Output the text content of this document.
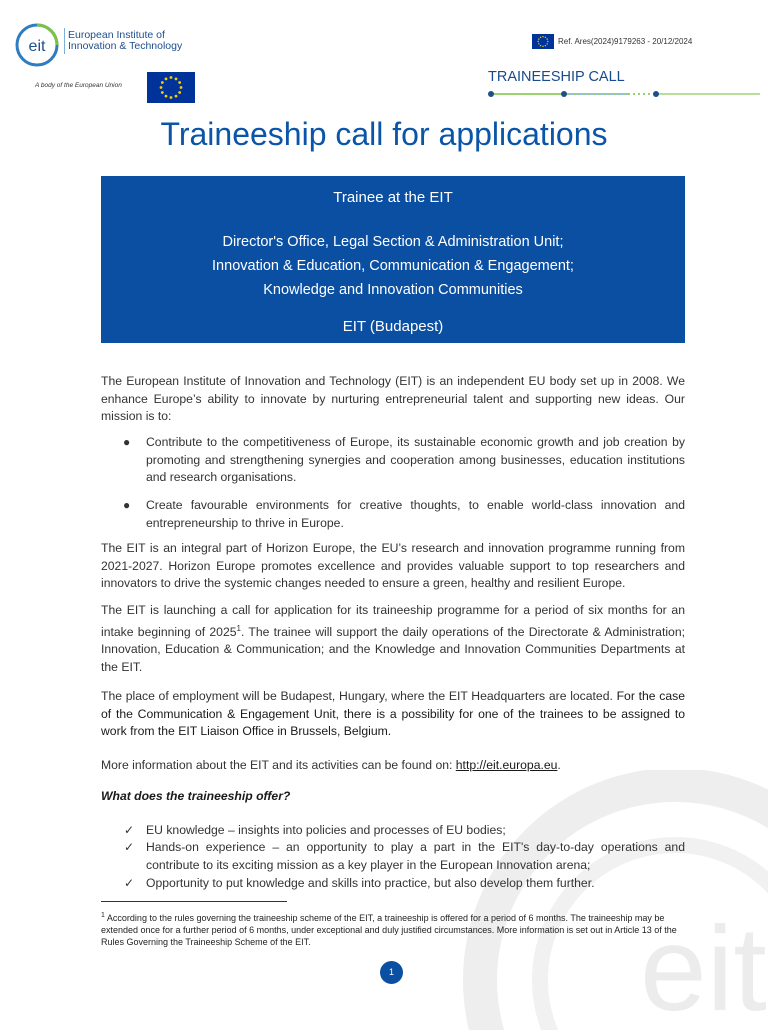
eit
European Institute of
Innovation & Technology
A body of the European Union
Ref. Ares(2024)9179263 - 20/12/2024
TRAINEESHIP CALL
Traineeship call for applications
Trainee at the EIT
Director's Office, Legal Section & Administration Unit;
Innovation & Education, Communication & Engagement;
Knowledge and Innovation Communities
EIT (Budapest)
eit
The European Institute of Innovation and Technology (EIT) is an independent EU body set up in 2008. We enhance Europe’s ability to innovate by nurturing entrepreneurial talent and supporting new ideas. Our mission is to:
● Contribute to the competitiveness of Europe, its sustainable economic growth and job creation by promoting and strengthening synergies and cooperation among businesses, education institutions and research organisations.
● Create favourable environments for creative thoughts, to enable world-class innovation and entrepreneurship to thrive in Europe.
The EIT is an integral part of Horizon Europe, the EU’s research and innovation programme running from 2021-2027. Horizon Europe promotes excellence and provides valuable support to top researchers and innovators to drive the systemic changes needed to ensure a green, healthy and resilient Europe.
The EIT is launching a call for application for its traineeship programme for a period of six months for an intake beginning of 2025$^1$. The trainee will support the daily operations of the Directorate & Administration; Innovation, Education & Communication; and the Knowledge and Innovation Communities Departments at the EIT.
The place of employment will be Budapest, Hungary, where the EIT Headquarters are located. For the case of the Communication & Engagement Unit, there is a possibility for one of the trainees to be assigned to work from the EIT Liaison Office in Brussels, Belgium.
More information about the EIT and its activities can be found on: http://eit.europa.eu.
What does the traineeship offer?
✓ EU knowledge – insights into policies and processes of EU bodies;
✓ Hands-on experience – an opportunity to play a part in the EIT's day-to-day operations and contribute to its exciting mission as a key player in the European Innovation arena;
✓ Opportunity to put knowledge and skills into practice, but also develop them further.
$^1$ According to the rules governing the traineeship scheme of the EIT, a traineeship is offered for a period of 6 months. The traineeship may be extended once for a further period of 6 months, under exceptional and duly justified circumstances. More information is set out in Article 13 of the Rules Governing the Traineeship Scheme of the EIT.
1
